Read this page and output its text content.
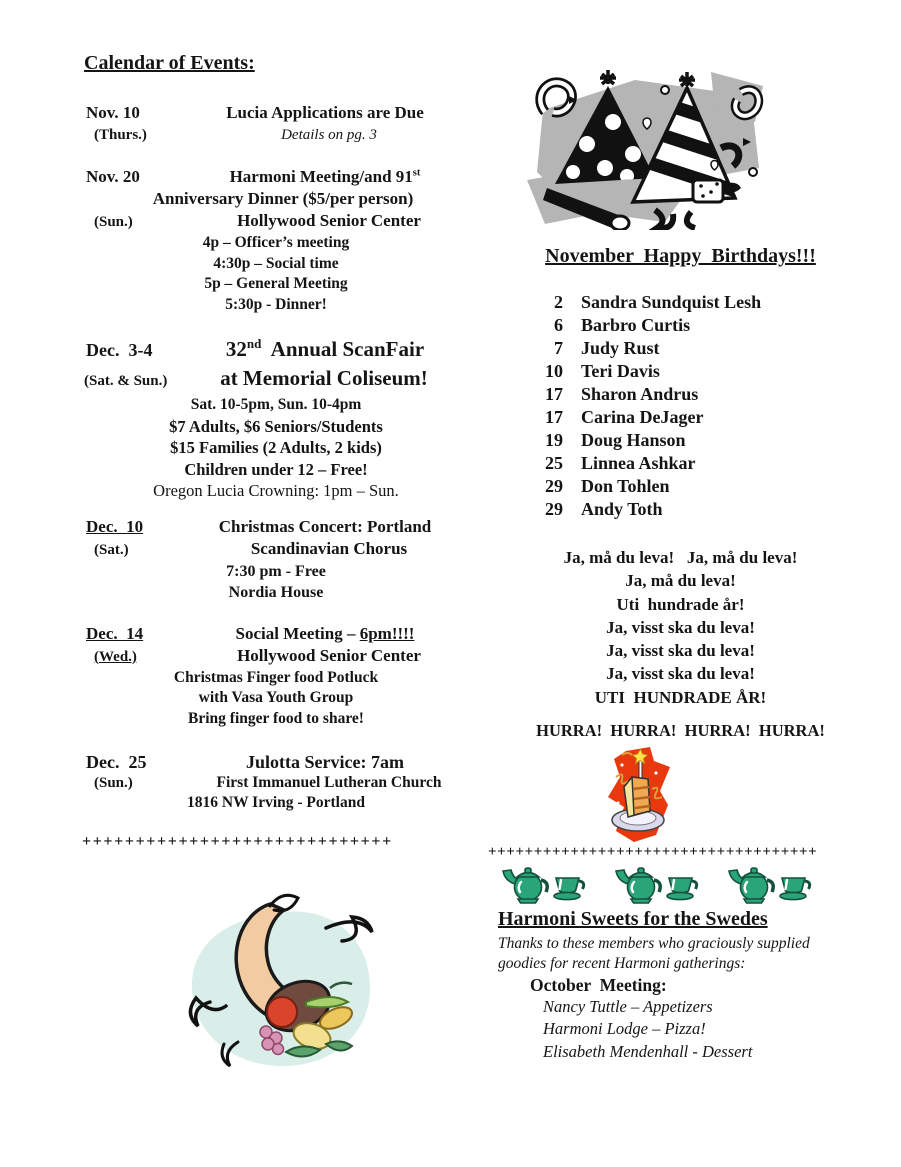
Calendar of Events:
Nov. 10	Lucia Applications are Due
(Thurs.)	Details on pg. 3
Nov. 20	Harmoni Meeting/and 91st
Anniversary Dinner ($5/per person)
(Sun.)	Hollywood Senior Center
4p – Officer’s meeting
4:30p – Social time
5p – General Meeting
5:30p - Dinner!
Dec.  3-4	32nd  Annual ScanFair
(Sat. & Sun.)	at Memorial Coliseum!
Sat. 10-5pm, Sun. 10-4pm
$7 Adults, $6 Seniors/Students
$15 Families (2 Adults, 2 kids)
Children under 12 – Free!
Oregon Lucia Crowning: 1pm – Sun.
Dec.  10	Christmas Concert: Portland
(Sat.)	Scandinavian Chorus
7:30 pm - Free
Nordia House
Dec.  14	Social Meeting – 6pm!!!!
(Wed.)	Hollywood Senior Center
Christmas Finger food Potluck
with Vasa Youth Group
Bring finger food to share!
Dec.  25	Julotta Service: 7am
(Sun.)	First Immanuel Lutheran Church
1816 NW Irving - Portland
+++++++++++++++++++++++++++++
November  Happy  Birthdays!!!
2	Sandra Sundquist Lesh
6	Barbro Curtis
7	Judy Rust
10	Teri Davis
17	Sharon Andrus
17	Carina DeJager
19	Doug Hanson
25	Linnea Ashkar
29	Don Tohlen
29	Andy Toth
Ja, må du leva!   Ja, må du leva!
Ja, må du leva!
Uti  hundrade år!
Ja, visst ska du leva!
Ja, visst ska du leva!
Ja, visst ska du leva!
UTI  HUNDRADE ÅR!
HURRA!  HURRA!  HURRA!  HURRA!
++++++++++++++++++++++++++++++++++++
Harmoni Sweets for the Swedes
Thanks to these members who graciously supplied
goodies for recent Harmoni gatherings:
October  Meeting:
Nancy Tuttle – Appetizers
Harmoni Lodge – Pizza!
Elisabeth Mendenhall - Dessert
